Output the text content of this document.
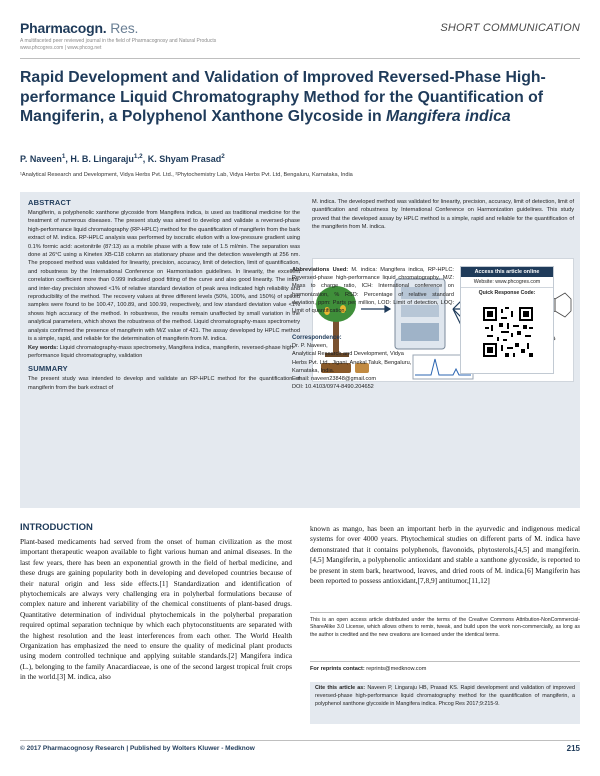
Pharmacogn. Res.
A multifaceted peer reviewed journal in the field of Pharmacognosy and Natural Products
www.phcogres.com | www.phcog.net
SHORT COMMUNICATION
Rapid Development and Validation of Improved Reversed-Phase High-performance Liquid Chromatography Method for the Quantification of Mangiferin, a Polyphenol Xanthone Glycoside in Mangifera indica
P. Naveen$^1$, H. B. Lingaraju$^{1,2}$, K. Shyam Prasad$^2$
¹Analytical Research and Development, Vidya Herbs Pvt. Ltd., ²Phytochemistry Lab, Vidya Herbs Pvt. Ltd, Bengaluru, Karnataka, India
ABSTRACT
Mangiferin, a polyphenolic xanthone glycoside from Mangifera indica, is used as traditional medicine for the treatment of numerous diseases. The present study was aimed to develop and validate a reversed-phase high-performance liquid chromatography (RP-HPLC) method for the quantification of mangiferin from the bark extract of M. indica. RP-HPLC analysis was performed by isocratic elution with a low-pressure gradient using 0.1% formic acid: acetonitrile (87:13) as a mobile phase with a flow rate of 1.5 ml/min. The separation was done at 26°C using a Kinetex XB-C18 column as stationary phase and the detection wavelength at 256 nm. The proposed method was validated for linearity, precision, accuracy, limit of detection, limit of quantification, and robustness by the International Conference on Harmonisation guidelines. In linearity, the excellent correlation coefficient more than 0.999 indicated good fitting of the curve and also good linearity. The intra- and inter-day precision showed <1% of relative standard deviation of peak area indicated high reliability and reproducibility of the method. The recovery values at three different levels (50%, 100%, and 150%) of spiked samples were found to be 100.47, 100.89, and 100.99, respectively, and low standard deviation value <1% shows high accuracy of the method. In robustness, the results remain unaffected by small variation in the analytical parameters, which shows the robustness of the method. Liquid chromatography-mass spectrometry analysis confirmed the presence of mangiferin with M/Z value of 421. The assay developed by HPLC method is a simple, rapid, and reliable for the determination of mangiferin from M. indica.
Key words: Liquid chromatography-mass spectrometry, Mangifera indica, mangiferin, reversed-phase high-performance liquid chromatography, validation
SUMMARY
The present study was intended to develop and validate an RP-HPLC method for the quantification of mangiferin from the bark extract of
M. indica. The developed method was validated for linearity, precision, accuracy, limit of detection, limit of quantification and robustness by International Conference on Harmonization guidelines. This study proved that the developed assay by HPLC method is a simple, rapid and reliable for the quantification of the mangiferin from M. indica.
Abbreviations Used: M. indica: Mangifera indica, RP-HPLC: Reversed-phase high-performance liquid chromatography, M/Z: Mass to charge ratio, ICH: International conference on harmonization, % RSD: Percentage of relative standard deviation, ppm: Parts per million, LOD: Limit of detection, LOQ: Limit of quantification.
Correspondence:
Dr. P. Naveen,
Analytical Research and Development, Vidya
Herbs Pvt. Ltd., Jigani, Anekal Taluk, Bengaluru,
Karnataka, India.
E-mail: naveen23848@gmail.com
DOI: 10.4103/0974-8490.204652
Access this article online
Website: www.phcogres.com
Quick Response Code:
INTRODUCTION
Plant-based medicaments had served from the onset of human civilization as the most important therapeutic weapon available to fight various human and animal diseases. In the last few years, there has been an exponential growth in the field of herbal medicine, and these drugs are gaining popularity both in developing and developed countries because of their natural origin and less side effects.[1] Standardization and identification of phytochemicals are always very challenging era in polyherbal formulations because of complex nature and inherent variability of the chemical constituents of plant-based drugs. Quantitative determination of individual phytochemicals in the polyherbal preparation required optimal separation technique by which each phytoconstituents are separated with the highest resolution and the least interferences from each other. The World Health Organization has emphasized the need to ensure the quality of medicinal plant products using modern controlled technique and applying suitable standards.[2] Mangifera indica (L.), belonging to the family Anacardiaceae, is one of the second largest tropical fruit crops in the world.[3] M. indica, also
known as mango, has been an important herb in the ayurvedic and indigenous medical systems for over 4000 years. Phytochemical studies on different parts of M. indica have demonstrated that it contains polyphenols, flavonoids, phytosterols,[4,5] and mangiferin.[4,5] Mangiferin, a polyphenolic antioxidant and stable a xanthone glycoside, is reported to be present in stem bark, heartwood, leaves, and dried roots of M. indica.[6] Mangiferin has been reported to possess antioxidant,[7,8,9] antitumor,[11,12]
This is an open access article distributed under the terms of the Creative Commons Attribution-NonCommercial-ShareAlike 3.0 License, which allows others to remix, tweak, and build upon the work non-commercially, as long as the author is credited and the new creations are licensed under the identical terms.
For reprints contact: reprints@medknow.com
Cite this article as: Naveen P, Lingaraju HB, Prasad KS. Rapid development and validation of improved reversed-phase high-performance liquid chromatography method for the quantification of mangiferin, a polyphenol xanthone glycoside in Mangifera indica. Phcog Res 2017;9:215-9.
© 2017 Pharmacognosy Research | Published by Wolters Kluwer - Medknow	215
